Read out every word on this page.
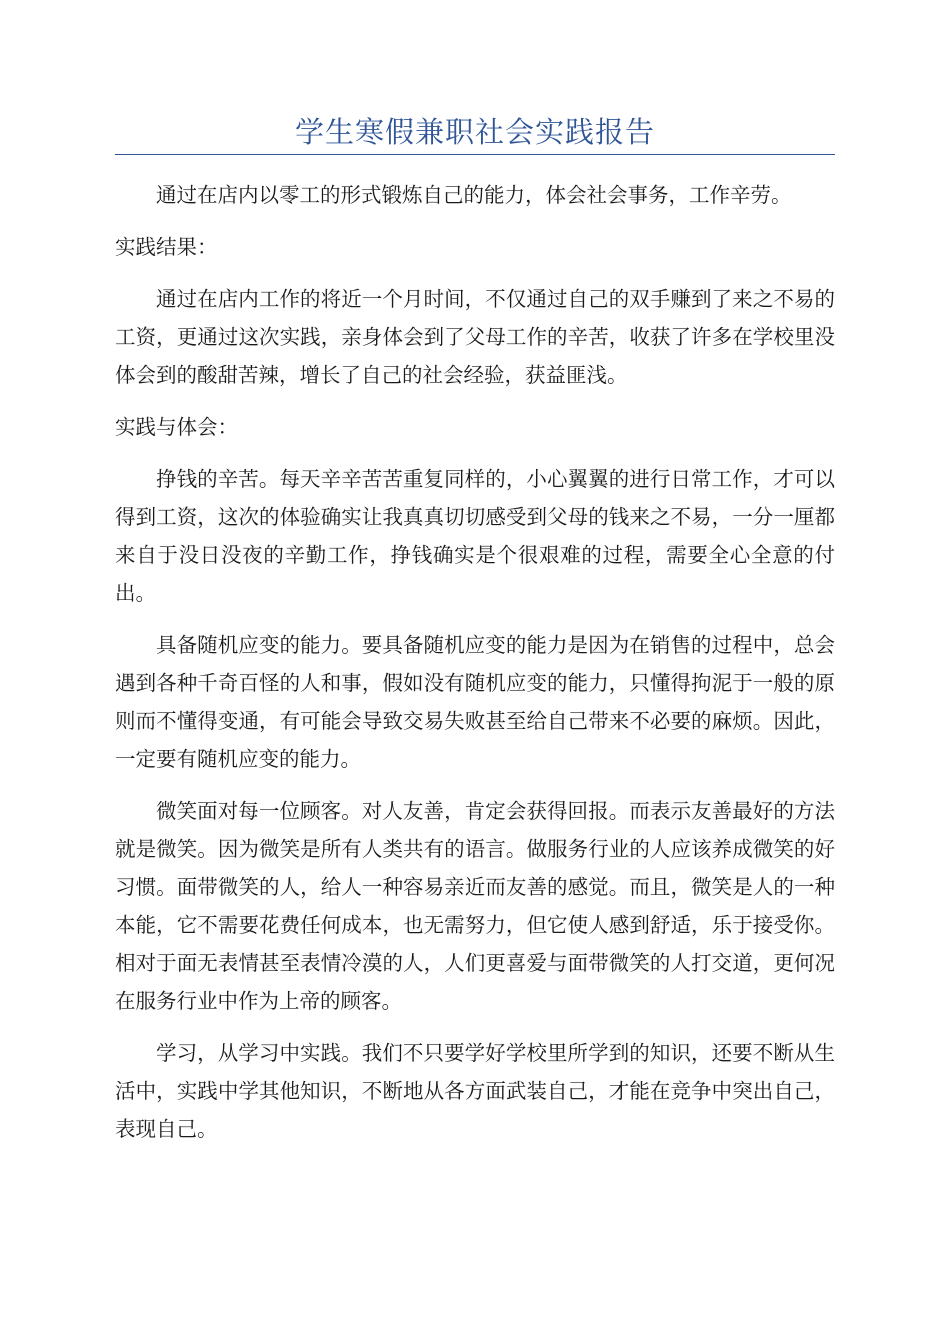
学生寒假兼职社会实践报告

通过在店内以零工的形式锻炼自己的能力，体会社会事务，工作辛劳。

实践结果：

通过在店内工作的将近一个月时间，不仅通过自己的双手赚到了来之不易的工资，更通过这次实践，亲身体会到了父母工作的辛苦，收获了许多在学校里没体会到的酸甜苦辣，增长了自己的社会经验，获益匪浅。

实践与体会：

挣钱的辛苦。每天辛辛苦苦重复同样的，小心翼翼的进行日常工作，才可以得到工资，这次的体验确实让我真真切切感受到父母的钱来之不易，一分一厘都来自于没日没夜的辛勤工作，挣钱确实是个很艰难的过程，需要全心全意的付出。

具备随机应变的能力。要具备随机应变的能力是因为在销售的过程中，总会遇到各种千奇百怪的人和事，假如没有随机应变的能力，只懂得拘泥于一般的原则而不懂得变通，有可能会导致交易失败甚至给自己带来不必要的麻烦。因此，一定要有随机应变的能力。

微笑面对每一位顾客。对人友善，肯定会获得回报。而表示友善最好的方法就是微笑。因为微笑是所有人类共有的语言。做服务行业的人应该养成微笑的好习惯。面带微笑的人，给人一种容易亲近而友善的感觉。而且，微笑是人的一种本能，它不需要花费任何成本，也无需努力，但它使人感到舒适，乐于接受你。相对于面无表情甚至表情冷漠的人，人们更喜爱与面带微笑的人打交道，更何况在服务行业中作为上帝的顾客。

学习，从学习中实践。我们不只要学好学校里所学到的知识，还要不断从生活中，实践中学其他知识，不断地从各方面武装自己，才能在竞争中突出自己，表现自己。
